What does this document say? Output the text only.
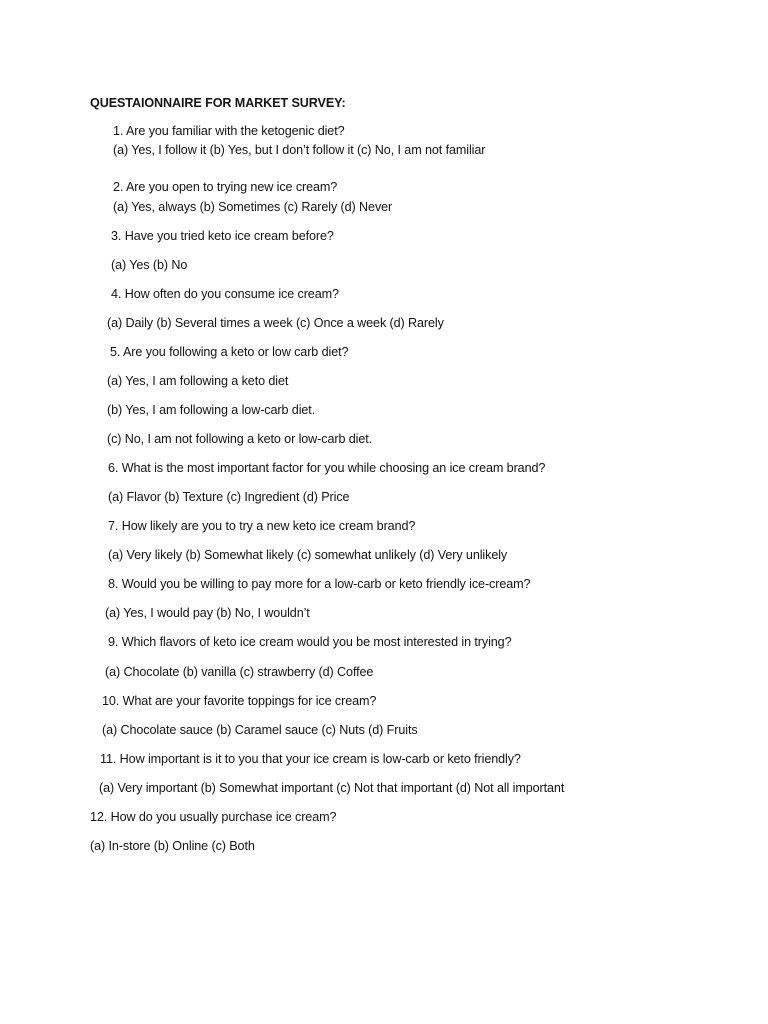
QUESTAIONNAIRE FOR MARKET SURVEY:
1. Are you familiar with the ketogenic diet?
(a) Yes, I follow it (b) Yes, but I don’t follow it (c) No, I am not familiar
2. Are you open to trying new ice cream?
(a) Yes, always (b) Sometimes (c) Rarely (d) Never
3. Have you tried keto ice cream before?
(a) Yes (b) No
4. How often do you consume ice cream?
(a) Daily (b) Several times a week (c) Once a week (d) Rarely
5. Are you following a keto or low carb diet?
(a) Yes, I am following a keto diet
(b) Yes, I am following a low-carb diet.
(c) No, I am not following a keto or low-carb diet.
6. What is the most important factor for you while choosing an ice cream brand?
(a) Flavor (b) Texture (c) Ingredient (d) Price
7. How likely are you to try a new keto ice cream brand?
(a) Very likely (b) Somewhat likely (c) somewhat unlikely (d) Very unlikely
8. Would you be willing to pay more for a low-carb or keto friendly ice-cream?
(a) Yes, I would pay (b) No, I wouldn’t
9. Which flavors of keto ice cream would you be most interested in trying?
(a) Chocolate (b) vanilla (c) strawberry (d) Coffee
10. What are your favorite toppings for ice cream?
(a) Chocolate sauce (b) Caramel sauce (c) Nuts (d) Fruits
11. How important is it to you that your ice cream is low-carb or keto friendly?
(a) Very important (b) Somewhat important (c) Not that important (d) Not all important
12. How do you usually purchase ice cream?
(a) In-store (b) Online (c) Both
